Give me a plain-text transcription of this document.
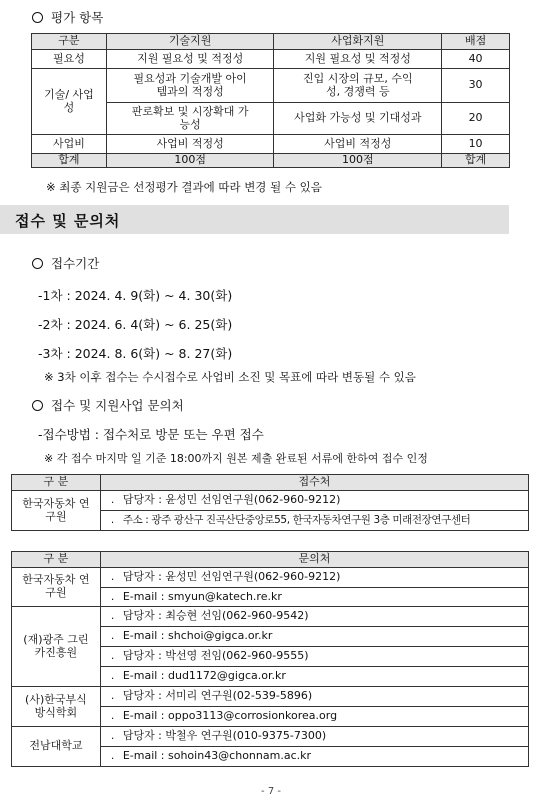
평가 항목
구분	기술지원	사업화지원	배점
필요성	지원 필요성 및 적정성	지원 필요성 및 적정성	40
기술/ 사업성	필요성과 기술개발 아이템과의 적정성	진입 시장의 규모, 수익성, 경쟁력 등	30
	판로확보 및 시장확대 가능성	사업화 가능성 및 기대성과	20
사업비	사업비 적정성	사업비 적정성	10
합계	100점	100점	합계
※ 최종 지원금은 선정평가 결과에 따라 변경 될 수 있음
접수 및 문의처
접수기간
-1차 : 2024. 4. 9(화) ~ 4. 30(화)
-2차 : 2024. 6. 4(화) ~ 6. 25(화)
-3차 : 2024. 8. 6(화) ~ 8. 27(화)
※ 3차 이후 접수는 수시접수로 사업비 소진 및 목표에 따라 변동될 수 있음
접수 및 지원사업 문의처
-접수방법 : 접수처로 방문 또는 우편 접수
※ 각 접수 마지막 일 기준 18:00까지 원본 제출 완료된 서류에 한하여 접수 인정
구 분	접수처
한국자동차 연구원	. 담당자 : 윤성민 선임연구원(062-960-9212)
	. 주소 : 광주 광산구 진곡산단중앙로55, 한국자동차연구원 3층 미래전장연구센터
구 분	문의처
한국자동차 연구원	. 담당자 : 윤성민 선임연구원(062-960-9212)
	. E-mail : smyun@katech.re.kr
(재)광주 그린카진흥원	. 담당자 : 최승현 선임(062-960-9542)
	. E-mail : shchoi@gigca.or.kr
	. 담당자 : 박선영 전임(062-960-9555)
	. E-mail : dud1172@gigca.or.kr
(사)한국부식 방식학회	. 담당자 : 서미리 연구원(02-539-5896)
	. E-mail : oppo3113@corrosionkorea.org
전남대학교	. 담당자 : 박철우 연구원(010-9375-7300)
	. E-mail : sohoin43@chonnam.ac.kr
- 7 -
